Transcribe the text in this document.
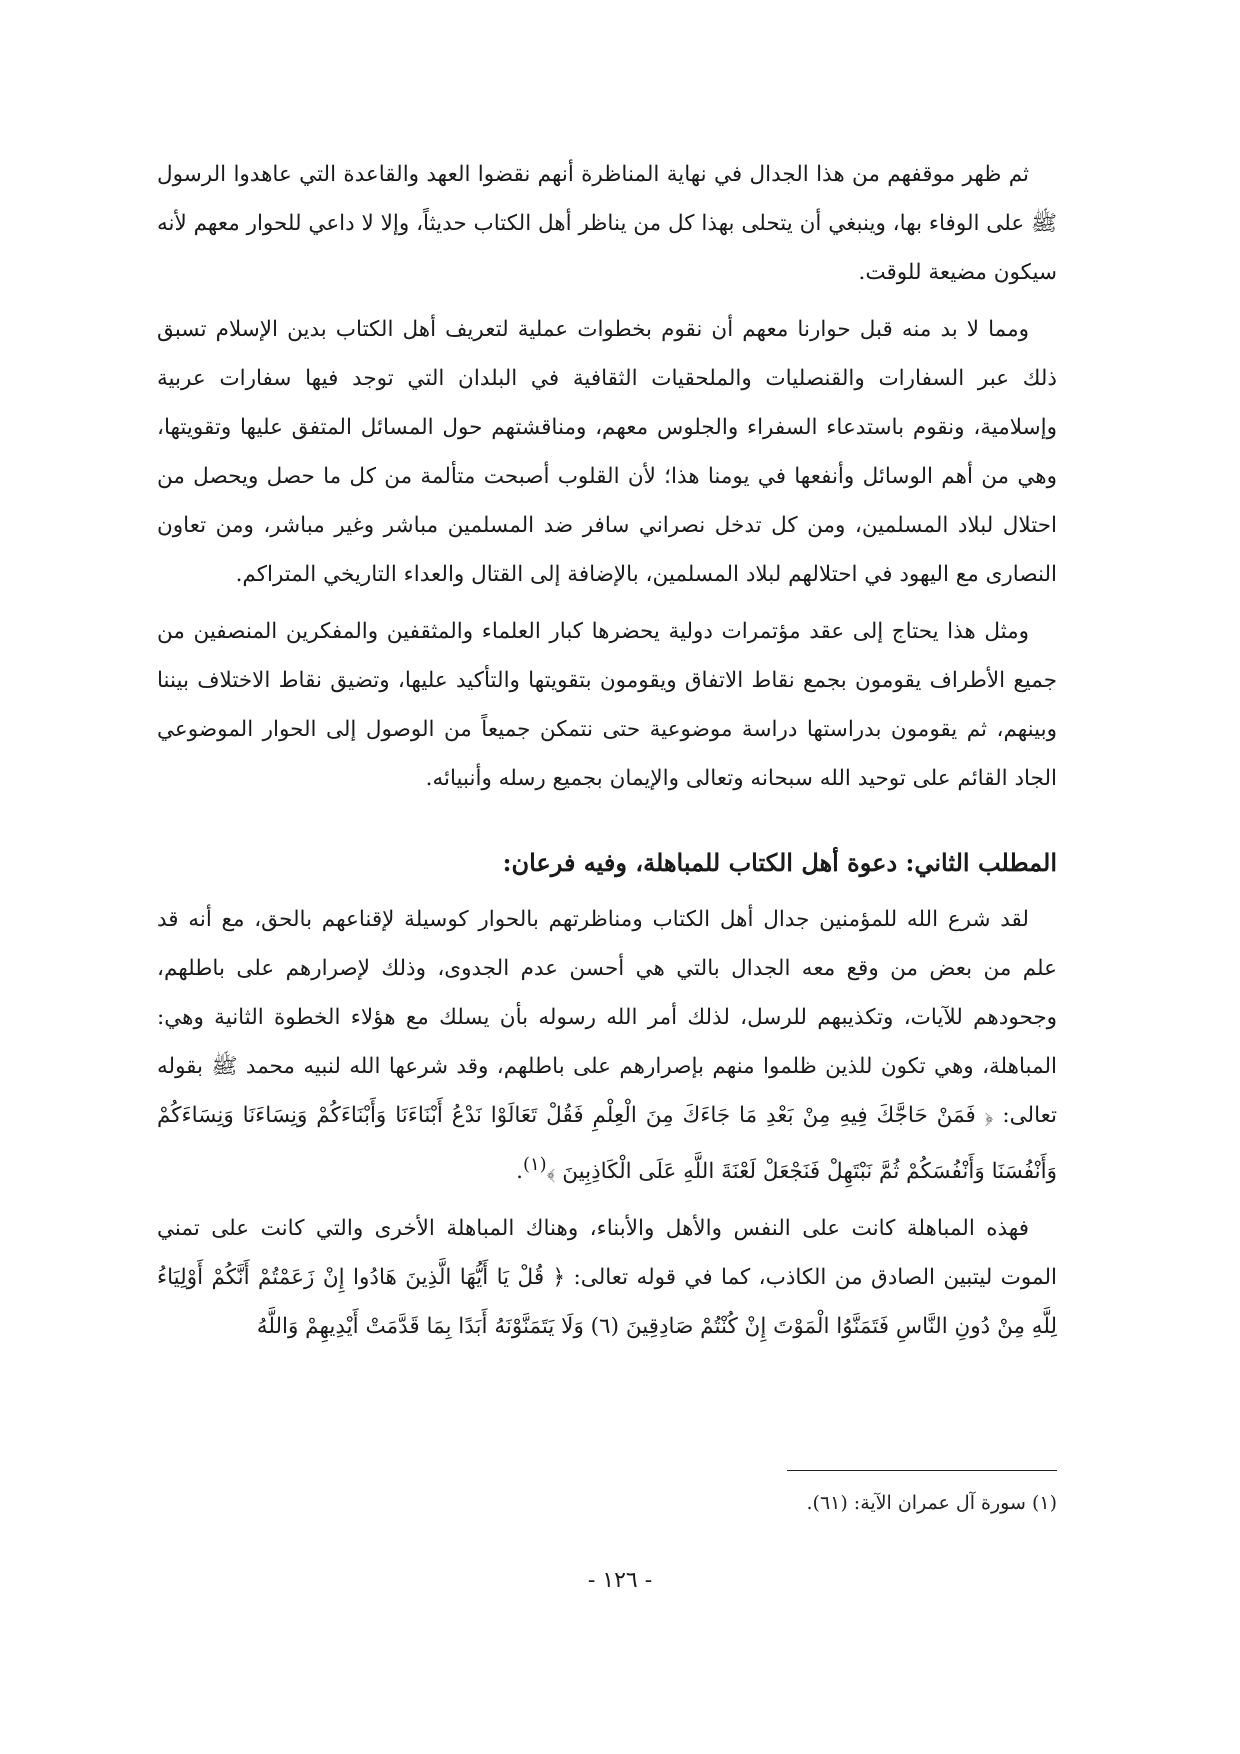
ثم ظهر موقفهم من هذا الجدال في نهاية المناظرة أنهم نقضوا العهد والقاعدة التي عاهدوا الرسول ﷺ على الوفاء بها، وينبغي أن يتحلى بهذا كل من يناظر أهل الكتاب حديثاً، وإلا لا داعي للحوار معهم لأنه سيكون مضيعة للوقت.

ومما لا بد منه قبل حوارنا معهم أن نقوم بخطوات عملية لتعريف أهل الكتاب بدين الإسلام تسبق ذلك عبر السفارات والقنصليات والملحقيات الثقافية في البلدان التي توجد فيها سفارات عربية وإسلامية، ونقوم باستدعاء السفراء والجلوس معهم، ومناقشتهم حول المسائل المتفق عليها وتقويتها، وهي من أهم الوسائل وأنفعها في يومنا هذا؛ لأن القلوب أصبحت متألمة من كل ما حصل ويحصل من احتلال لبلاد المسلمين، ومن كل تدخل نصراني سافر ضد المسلمين مباشر وغير مباشر، ومن تعاون النصارى مع اليهود في احتلالهم لبلاد المسلمين، بالإضافة إلى القتال والعداء التاريخي المتراكم.

ومثل هذا يحتاج إلى عقد مؤتمرات دولية يحضرها كبار العلماء والمثقفين والمفكرين المنصفين من جميع الأطراف يقومون بجمع نقاط الاتفاق ويقومون بتقويتها والتأكيد عليها، وتضيق نقاط الاختلاف بيننا وبينهم، ثم يقومون بدراستها دراسة موضوعية حتى نتمكن جميعاً من الوصول إلى الحوار الموضوعي الجاد القائم على توحيد الله سبحانه وتعالى والإيمان بجميع رسله وأنبيائه.

المطلب الثاني: دعوة أهل الكتاب للمباهلة، وفيه فرعان:

لقد شرع الله للمؤمنين جدال أهل الكتاب ومناظرتهم بالحوار كوسيلة لإقناعهم بالحق، مع أنه قد علم من بعض من وقع معه الجدال بالتي هي أحسن عدم الجدوى، وذلك لإصرارهم على باطلهم، وجحودهم للآيات، وتكذيبهم للرسل، لذلك أمر الله رسوله بأن يسلك مع هؤلاء الخطوة الثانية وهي: المباهلة، وهي تكون للذين ظلموا منهم بإصرارهم على باطلهم، وقد شرعها الله لنبيه محمد ﷺ بقوله تعالى: ﴿ فَمَنْ حَاجَّكَ فِيهِ مِنْ بَعْدِ مَا جَاءَكَ مِنَ الْعِلْمِ فَقُلْ تَعَالَوْا نَدْعُ أَبْنَاءَنَا وَأَبْنَاءَكُمْ وَنِسَاءَنَا وَنِسَاءَكُمْ وَأَنْفُسَنَا وَأَنْفُسَكُمْ ثُمَّ نَبْتَهِلْ فَنَجْعَلْ لَعْنَةَ اللَّهِ عَلَى الْكَاذِبِينَ ﴾$^{(١)}$.

فهذه المباهلة كانت على النفس والأهل والأبناء، وهناك المباهلة الأخرى والتي كانت على تمني الموت ليتبين الصادق من الكاذب، كما في قوله تعالى: ﴿ قُلْ يَا أَيُّهَا الَّذِينَ هَادُوا إِنْ زَعَمْتُمْ أَنَّكُمْ أَوْلِيَاءُ لِلَّهِ مِنْ دُونِ النَّاسِ فَتَمَنَّوُا الْمَوْتَ إِنْ كُنْتُمْ صَادِقِينَ (٦) وَلَا يَتَمَنَّوْنَهُ أَبَدًا بِمَا قَدَّمَتْ أَيْدِيهِمْ وَاللَّهُ

(١) سورة آل عمران الآية: (٦١).
- ١٢٦ -
